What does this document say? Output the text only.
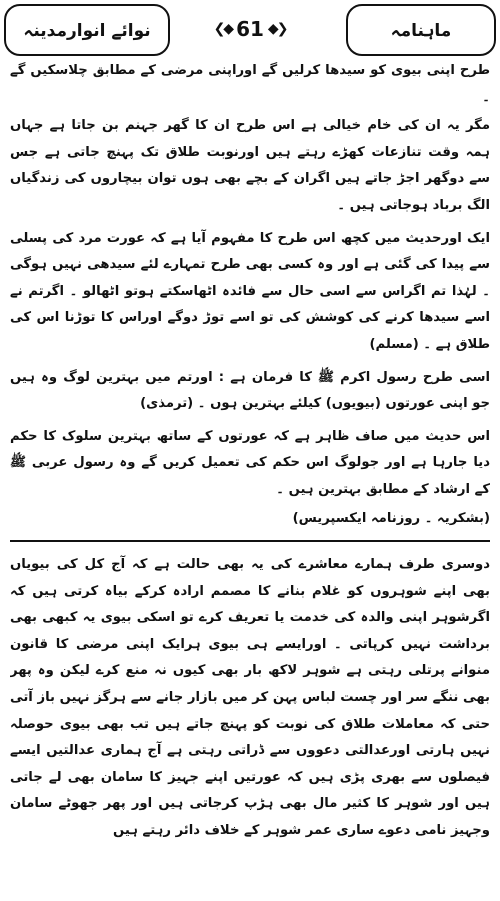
نوائے انوارمدینہ	❮◆ 61 ◆❯	ماہنامہ

طرح اپنی بیوی کو سیدھا کرلیں گے اوراپنی مرضی کے مطابق چلاسکیں گے ۔

مگر یہ ان کی خام خیالی ہے اس طرح ان کا گھر جہنم بن جاتا ہے جہاں ہمہ وقت تنازعات کھڑے رہتے ہیں اورنوبت طلاق تک پہنچ جاتی ہے جس سے دوگھر اجڑ جاتے ہیں اگران کے بچے بھی ہوں توان بیچاروں کی زندگیاں الگ برباد ہوجاتی ہیں ۔

ایک اورحدیث میں کچھ اس طرح کا مفہوم آیا ہے کہ عورت مرد کی پسلی سے پیدا کی گئی ہے اور وہ کسی بھی طرح تمہارے لئے سیدھی نہیں ہوگی ۔ لہٰذا تم اگراس سے اسی حال سے فائدہ اٹھاسکتے ہوتو اٹھالو ۔ اگرتم نے اسے سیدھا کرنے کی کوشش کی تو اسے توڑ دوگے اوراس کا توڑنا اس کی طلاق ہے ۔ (مسلم)

اسی طرح رسول اکرم ﷺ کا فرمان ہے : اورتم میں بہترین لوگ وہ ہیں جو اپنی عورتوں (بیویوں) کیلئے بہترین ہوں ۔ (ترمذی)

اس حدیث میں صاف ظاہر ہے کہ عورتوں کے ساتھ بہترین سلوک کا حکم دیا جارہا ہے اور جولوگ اس حکم کی تعمیل کریں گے وہ رسول عربی ﷺ کے ارشاد کے مطابق بہترین ہیں ۔

(بشکریہ ۔ روزنامہ ایکسپریس)

دوسری طرف ہمارے معاشرے کی یہ بھی حالت ہے کہ آج کل کی بیویاں بھی اپنے شوہروں کو غلام بنانے کا مصمم ارادہ کرکے بیاہ کرتی ہیں کہ اگرشوہر اپنی والدہ کی خدمت یا تعریف کرے تو اسکی بیوی یہ کبھی بھی برداشت نہیں کرپاتی ۔ اورایسے ہی بیوی ہرایک اپنی مرضی کا قانون منوانے پرتلی رہتی ہے شوہر لاکھ بار بھی کیوں نہ منع کرے لیکن وہ پھر بھی ننگے سر اور چست لباس پہن کر میں بازار جانے سے ہرگز نہیں باز آتی حتی کہ معاملات طلاق کی نوبت کو پہنچ جاتے ہیں تب بھی بیوی حوصلہ نہیں ہارتی اورعدالتی دعووں سے ڈراتی رہتی ہے آج ہماری عدالتیں ایسے فیصلوں سے بھری پڑی ہیں کہ عورتیں اپنے جہیز کا سامان بھی لے جاتی ہیں اور شوہر کا کثیر مال بھی ہڑپ کرجاتی ہیں اور پھر جھوٹے سامان وجہیز نامی دعوے ساری عمر شوہر کے خلاف دائر رہتے ہیں
